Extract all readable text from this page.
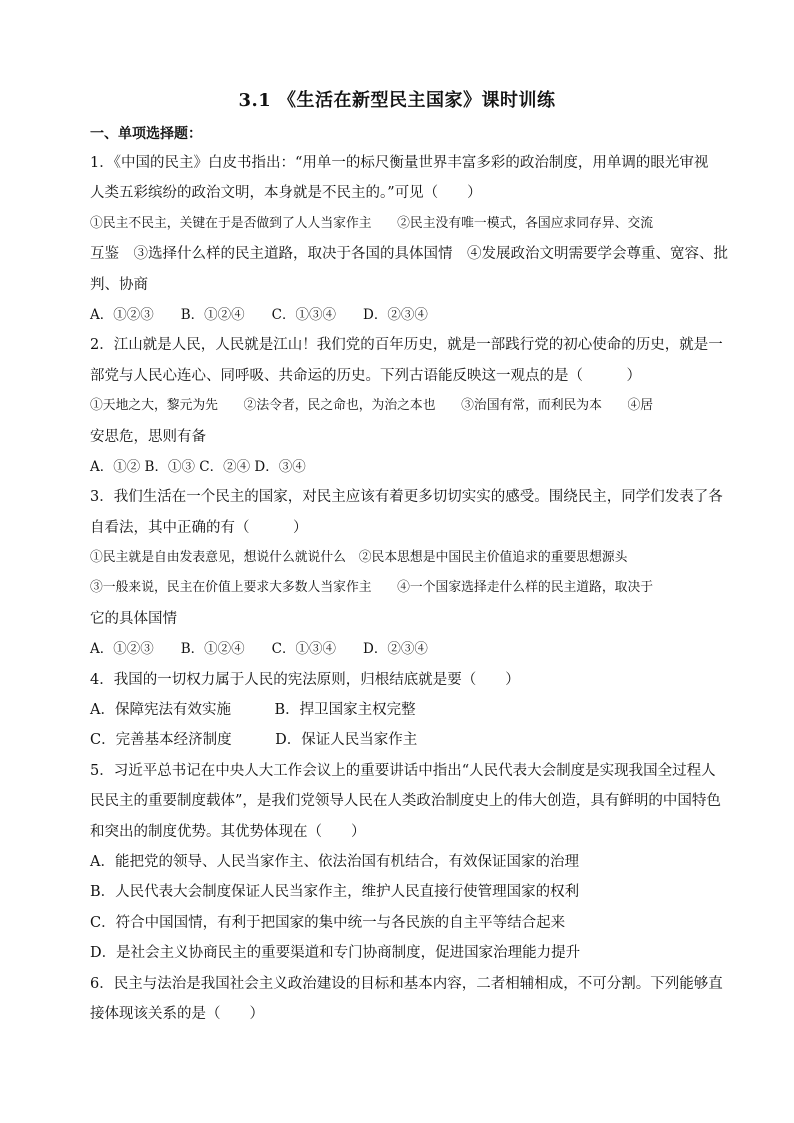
3.1 《生活在新型民主国家》课时训练
一、单项选择题：
1．《中国的民主》白皮书指出：“用单一的标尺衡量世界丰富多彩的政治制度，用单调的眼光审视
人类五彩缤纷的政治文明，本身就是不民主的。”可见（　　）
①民主不民主，关键在于是否做到了人人当家作主　　②民主没有唯一模式，各国应求同存异、交流
互鉴　③选择什么样的民主道路，取决于各国的具体国情　④发展政治文明需要学会尊重、宽容、批
判、协商
A．①②③　　B．①②④　　C．①③④　　D．②③④
2．江山就是人民，人民就是江山！我们党的百年历史，就是一部践行党的初心使命的历史，就是一
部党与人民心连心、同呼吸、共命运的历史。下列古语能反映这一观点的是（　　　）
①天地之大，黎元为先　　②法令者，民之命也，为治之本也　　③治国有常，而利民为本　　④居
安思危，思则有备
A．①② B．①③ C．②④ D．③④
3．我们生活在一个民主的国家，对民主应该有着更多切切实实的感受。围绕民主，同学们发表了各
自看法，其中正确的有（　　　）
①民主就是自由发表意见，想说什么就说什么　②民本思想是中国民主价值追求的重要思想源头
③一般来说，民主在价值上要求大多数人当家作主　　④一个国家选择走什么样的民主道路，取决于
它的具体国情
A．①②③　　B．①②④　　C．①③④　　D．②③④
4．我国的一切权力属于人民的宪法原则，归根结底就是要（　　）
A．保障宪法有效实施　　　B．捍卫国家主权完整
C．完善基本经济制度　　　D．保证人民当家作主
5．习近平总书记在中央人大工作会议上的重要讲话中指出“人民代表大会制度是实现我国全过程人
民民主的重要制度载体”，是我们党领导人民在人类政治制度史上的伟大创造，具有鲜明的中国特色
和突出的制度优势。其优势体现在（　　）
A．能把党的领导、人民当家作主、依法治国有机结合，有效保证国家的治理
B．人民代表大会制度保证人民当家作主，维护人民直接行使管理国家的权利
C．符合中国国情，有利于把国家的集中统一与各民族的自主平等结合起来
D．是社会主义协商民主的重要渠道和专门协商制度，促进国家治理能力提升
6．民主与法治是我国社会主义政治建设的目标和基本内容，二者相辅相成，不可分割。下列能够直
接体现该关系的是（　　）
